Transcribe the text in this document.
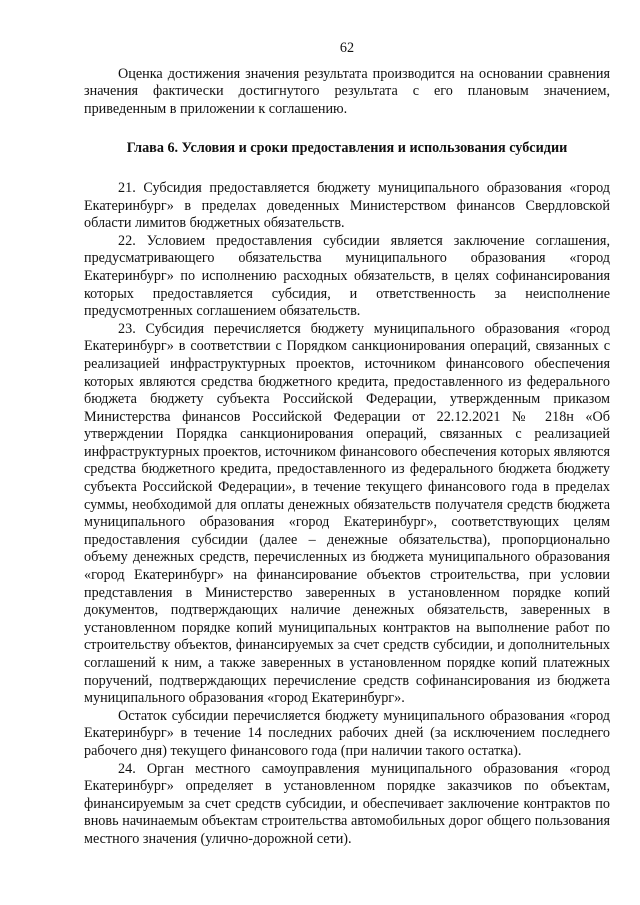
62

Оценка достижения значения результата производится на основании сравнения значения фактически достигнутого результата с его плановым значением, приведенным в приложении к соглашению.

Глава 6. Условия и сроки предоставления и использования субсидии

21. Субсидия предоставляется бюджету муниципального образования «город Екатеринбург» в пределах доведенных Министерством финансов Свердловской области лимитов бюджетных обязательств.

22. Условием предоставления субсидии является заключение соглашения, предусматривающего обязательства муниципального образования «город Екатеринбург» по исполнению расходных обязательств, в целях софинансирования которых предоставляется субсидия, и ответственность за неисполнение предусмотренных соглашением обязательств.

23. Субсидия перечисляется бюджету муниципального образования «город Екатеринбург» в соответствии с Порядком санкционирования операций, связанных с реализацией инфраструктурных проектов, источником финансового обеспечения которых являются средства бюджетного кредита, предоставленного из федерального бюджета бюджету субъекта Российской Федерации, утвержденным приказом Министерства финансов Российской Федерации от 22.12.2021 № 218н «Об утверждении Порядка санкционирования операций, связанных с реализацией инфраструктурных проектов, источником финансового обеспечения которых являются средства бюджетного кредита, предоставленного из федерального бюджета бюджету субъекта Российской Федерации», в течение текущего финансового года в пределах суммы, необходимой для оплаты денежных обязательств получателя средств бюджета муниципального образования «город Екатеринбург», соответствующих целям предоставления субсидии (далее – денежные обязательства), пропорционально объему денежных средств, перечисленных из бюджета муниципального образования «город Екатеринбург» на финансирование объектов строительства, при условии представления в Министерство заверенных в установленном порядке копий документов, подтверждающих наличие денежных обязательств, заверенных в установленном порядке копий муниципальных контрактов на выполнение работ по строительству объектов, финансируемых за счет средств субсидии, и дополнительных соглашений к ним, а также заверенных в установленном порядке копий платежных поручений, подтверждающих перечисление средств софинансирования из бюджета муниципального образования «город Екатеринбург».

Остаток субсидии перечисляется бюджету муниципального образования «город Екатеринбург» в течение 14 последних рабочих дней (за исключением последнего рабочего дня) текущего финансового года (при наличии такого остатка).

24. Орган местного самоуправления муниципального образования «город Екатеринбург» определяет в установленном порядке заказчиков по объектам, финансируемым за счет средств субсидии, и обеспечивает заключение контрактов по вновь начинаемым объектам строительства автомобильных дорог общего пользования местного значения (улично-дорожной сети).
